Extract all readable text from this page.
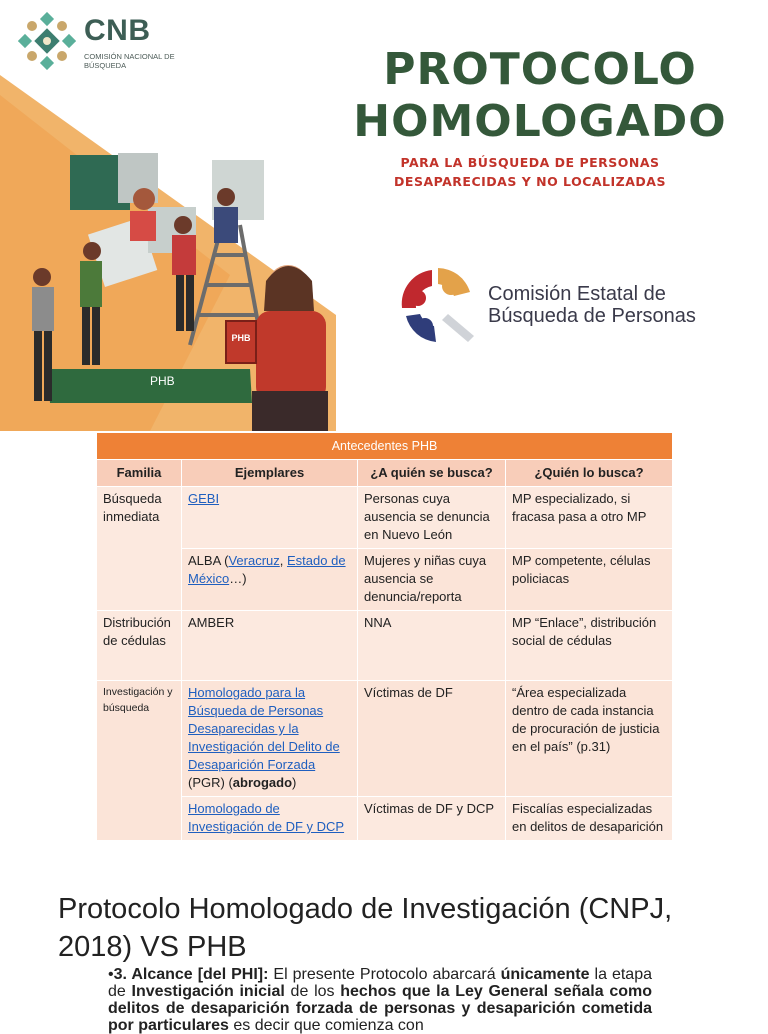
CNB
COMISIÓN NACIONAL DE BÚSQUEDA
PHB
PHB
PROTOCOLO
HOMOLOGADO
PARA LA BÚSQUEDA DE PERSONAS
DESAPARECIDAS Y NO LOCALIZADAS
Comisión Estatal de
Búsqueda de Personas
Antecedentes PHB			
Familia	Ejemplares	¿A quién se busca?	¿Quién lo busca?
Búsqueda inmediata	GEBI	Personas cuya ausencia se denuncia en Nuevo León	MP especializado, si fracasa pasa a otro MP
	ALBA (Veracruz, Estado de México…)	Mujeres y niñas cuya ausencia se denuncia/reporta	MP competente, células policiacas
Distribución de cédulas	AMBER	NNA	MP “Enlace”, distribución social de cédulas
Investigación y búsqueda	Homologado para la Búsqueda de Personas Desaparecidas y la Investigación del Delito de Desaparición Forzada (PGR) (abrogado)	Víctimas de DF	“Área especializada dentro de cada instancia de procuración de justicia en el país” (p.31)
	Homologado de Investigación de DF y DCP	Víctimas de DF y DCP	Fiscalías especializadas en delitos de desaparición
Protocolo Homologado de Investigación (CNPJ, 2018) VS PHB
•3. Alcance [del PHI]: El presente Protocolo abarcará únicamente la etapa de Investigación inicial de los hechos que la Ley General señala como delitos de desaparición forzada de personas y desaparición cometida por particulares es decir que comienza con
